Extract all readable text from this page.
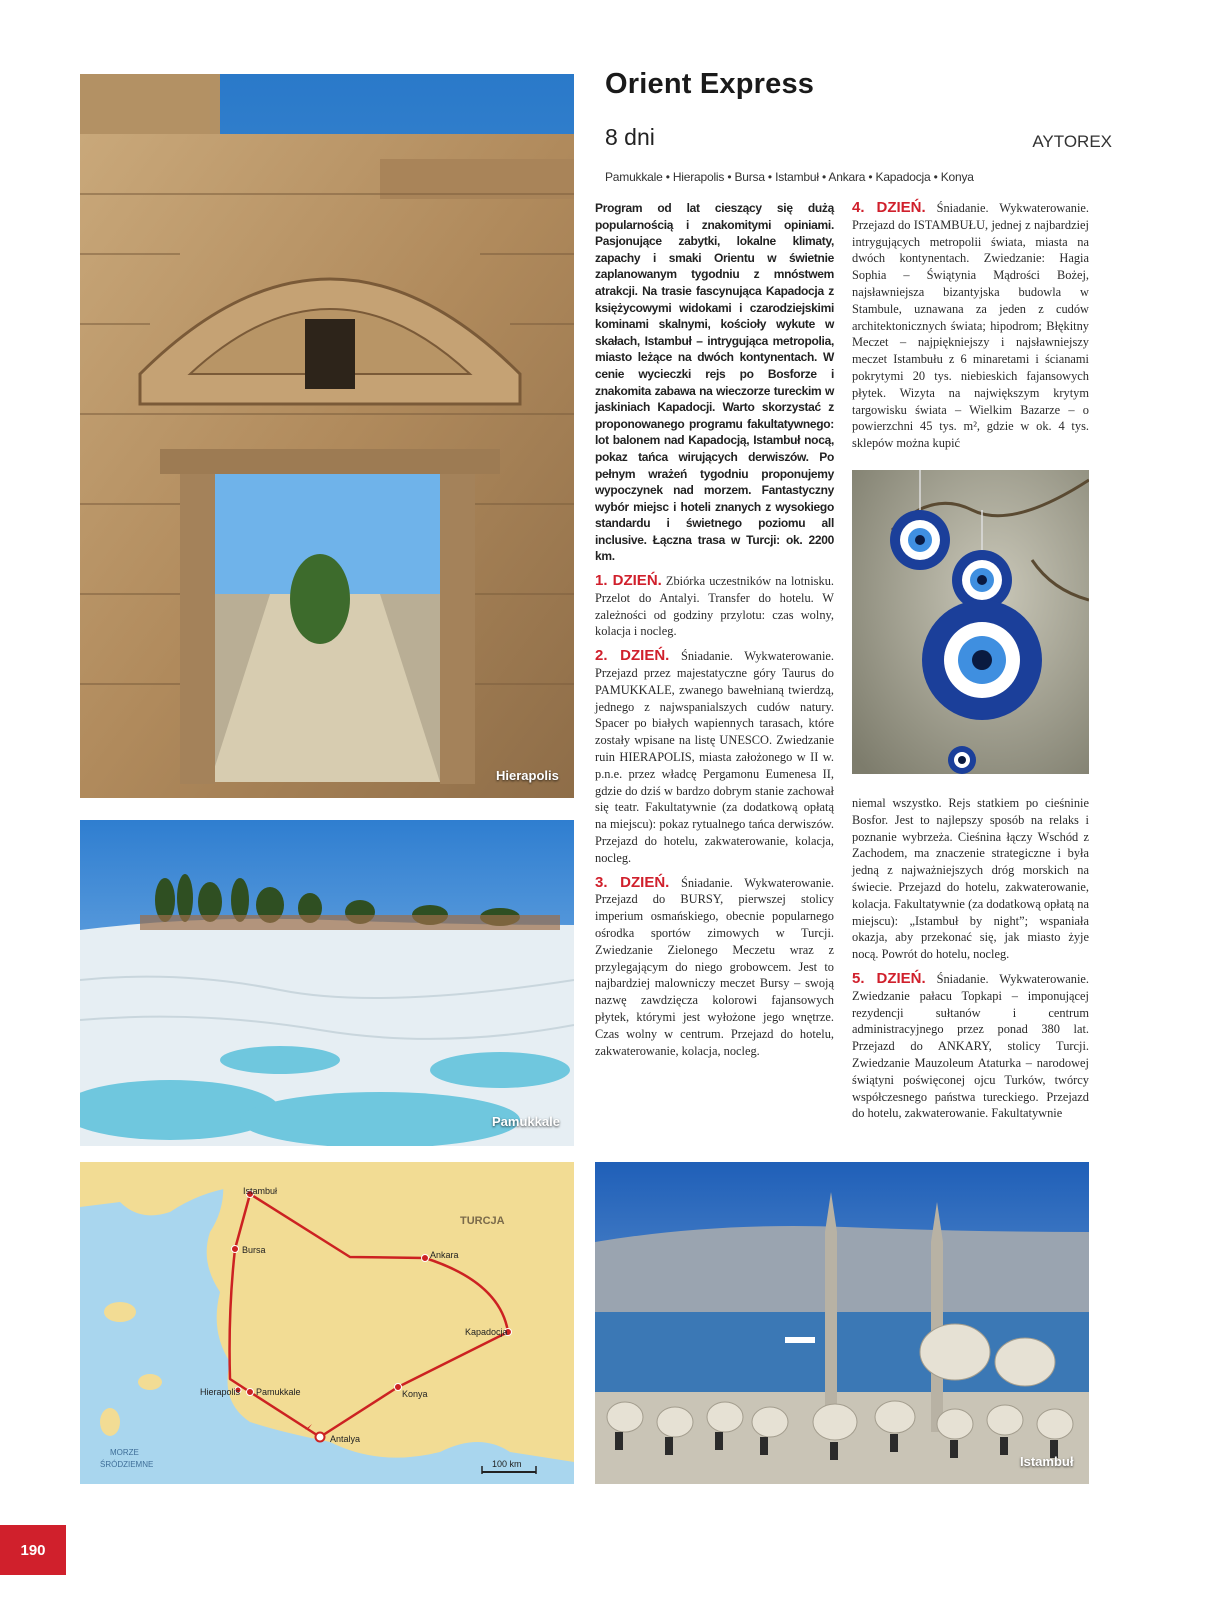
Hierapolis
Pamukkale
Istambuł
Bursa	Ankara
Kapadocja
Konya
Antalya
Pamukkale
Hierapolis
TURCJA
MORZE
ŚRÓDZIEMNE	100 km
Orient Express
8 dni	AYTOREX
Pamukkale • Hierapolis • Bursa • Istambuł • Ankara • Kapadocja • Konya

Program od lat cieszący się dużą popularnością i znakomitymi opiniami. Pasjonujące zabytki, lokalne klimaty, zapachy i smaki Orientu w świetnie zaplanowanym tygodniu z mnóstwem atrakcji. Na trasie fascynująca Kapadocja z księżycowymi widokami i czarodziejskimi kominami skalnymi, kościoły wykute w skałach, Istambuł – intrygująca metropolia, miasto leżące na dwóch kontynentach. W cenie wycieczki rejs po Bosforze i znakomita zabawa na wieczorze tureckim w jaskiniach Kapadocji. Warto skorzystać z proponowanego programu fakultatywnego: lot balonem nad Kapadocją, Istambuł nocą, pokaz tańca wirujących derwiszów. Po pełnym wrażeń tygodniu proponujemy wypoczynek nad morzem. Fantastyczny wybór miejsc i hoteli znanych z wysokiego standardu i świetnego poziomu all inclusive. Łączna trasa w Turcji: ok. 2200 km.

1. DZIEŃ. Zbiórka uczestników na lotnisku. Przelot do Antalyi. Transfer do hotelu. W zależności od godziny przylotu: czas wolny, kolacja i nocleg.

2. DZIEŃ. Śniadanie. Wykwaterowanie. Przejazd przez majestatyczne góry Taurus do PAMUKKALE, zwanego bawełnianą twierdzą, jednego z najwspanialszych cudów natury. Spacer po białych wapiennych tarasach, które zostały wpisane na listę UNESCO. Zwiedzanie ruin HIERAPOLIS, miasta założonego w II w. p.n.e. przez władcę Pergamonu Eumenesa II, gdzie do dziś w bardzo dobrym stanie zachował się teatr. Fakultatywnie (za dodatkową opłatą na miejscu): pokaz rytualnego tańca derwiszów. Przejazd do hotelu, zakwaterowanie, kolacja, nocleg.

3. DZIEŃ. Śniadanie. Wykwaterowanie. Przejazd do BURSY, pierwszej stolicy imperium osmańskiego, obecnie popularnego ośrodka sportów zimowych w Turcji. Zwiedzanie Zielonego Meczetu wraz z przylegającym do niego grobowcem. Jest to najbardziej malowniczy meczet Bursy – swoją nazwę zawdzięcza kolorowi fajansowych płytek, którymi jest wyłożone jego wnętrze. Czas wolny w centrum. Przejazd do hotelu, zakwaterowanie, kolacja, nocleg.

4. DZIEŃ. Śniadanie. Wykwaterowanie. Przejazd do ISTAMBUŁU, jednej z najbardziej intrygujących metropolii świata, miasta na dwóch kontynentach. Zwiedzanie: Hagia Sophia – Świątynia Mądrości Bożej, najsławniejsza bizantyjska budowla w Stambule, uznawana za jeden z cudów architektonicznych świata; hipodrom; Błękitny Meczet – najpiękniejszy i najsławniejszy meczet Istambułu z 6 minaretami i ścianami pokrytymi 20 tys. niebieskich fajansowych płytek. Wizyta na największym krytym targowisku świata – Wielkim Bazarze – o powierzchni 45 tys. m², gdzie w ok. 4 tys. sklepów można kupić

niemal wszystko. Rejs statkiem po cieśninie Bosfor. Jest to najlepszy sposób na relaks i poznanie wybrzeża. Cieśnina łączy Wschód z Zachodem, ma znaczenie strategiczne i była jedną z najważniejszych dróg morskich na świecie. Przejazd do hotelu, zakwaterowanie, kolacja. Fakultatywnie (za dodatkową opłatą na miejscu): „Istambuł by night”; wspaniała okazja, aby przekonać się, jak miasto żyje nocą. Powrót do hotelu, nocleg.

5. DZIEŃ. Śniadanie. Wykwaterowanie. Zwiedzanie pałacu Topkapi – imponującej rezydencji sułtanów i centrum administracyjnego przez ponad 380 lat. Przejazd do ANKARY, stolicy Turcji. Zwiedzanie Mauzoleum Ataturka – narodowej świątyni poświęconej ojcu Turków, twórcy współczesnego państwa tureckiego. Przejazd do hotelu, zakwaterowanie. Fakultatywnie

Istambuł
190
